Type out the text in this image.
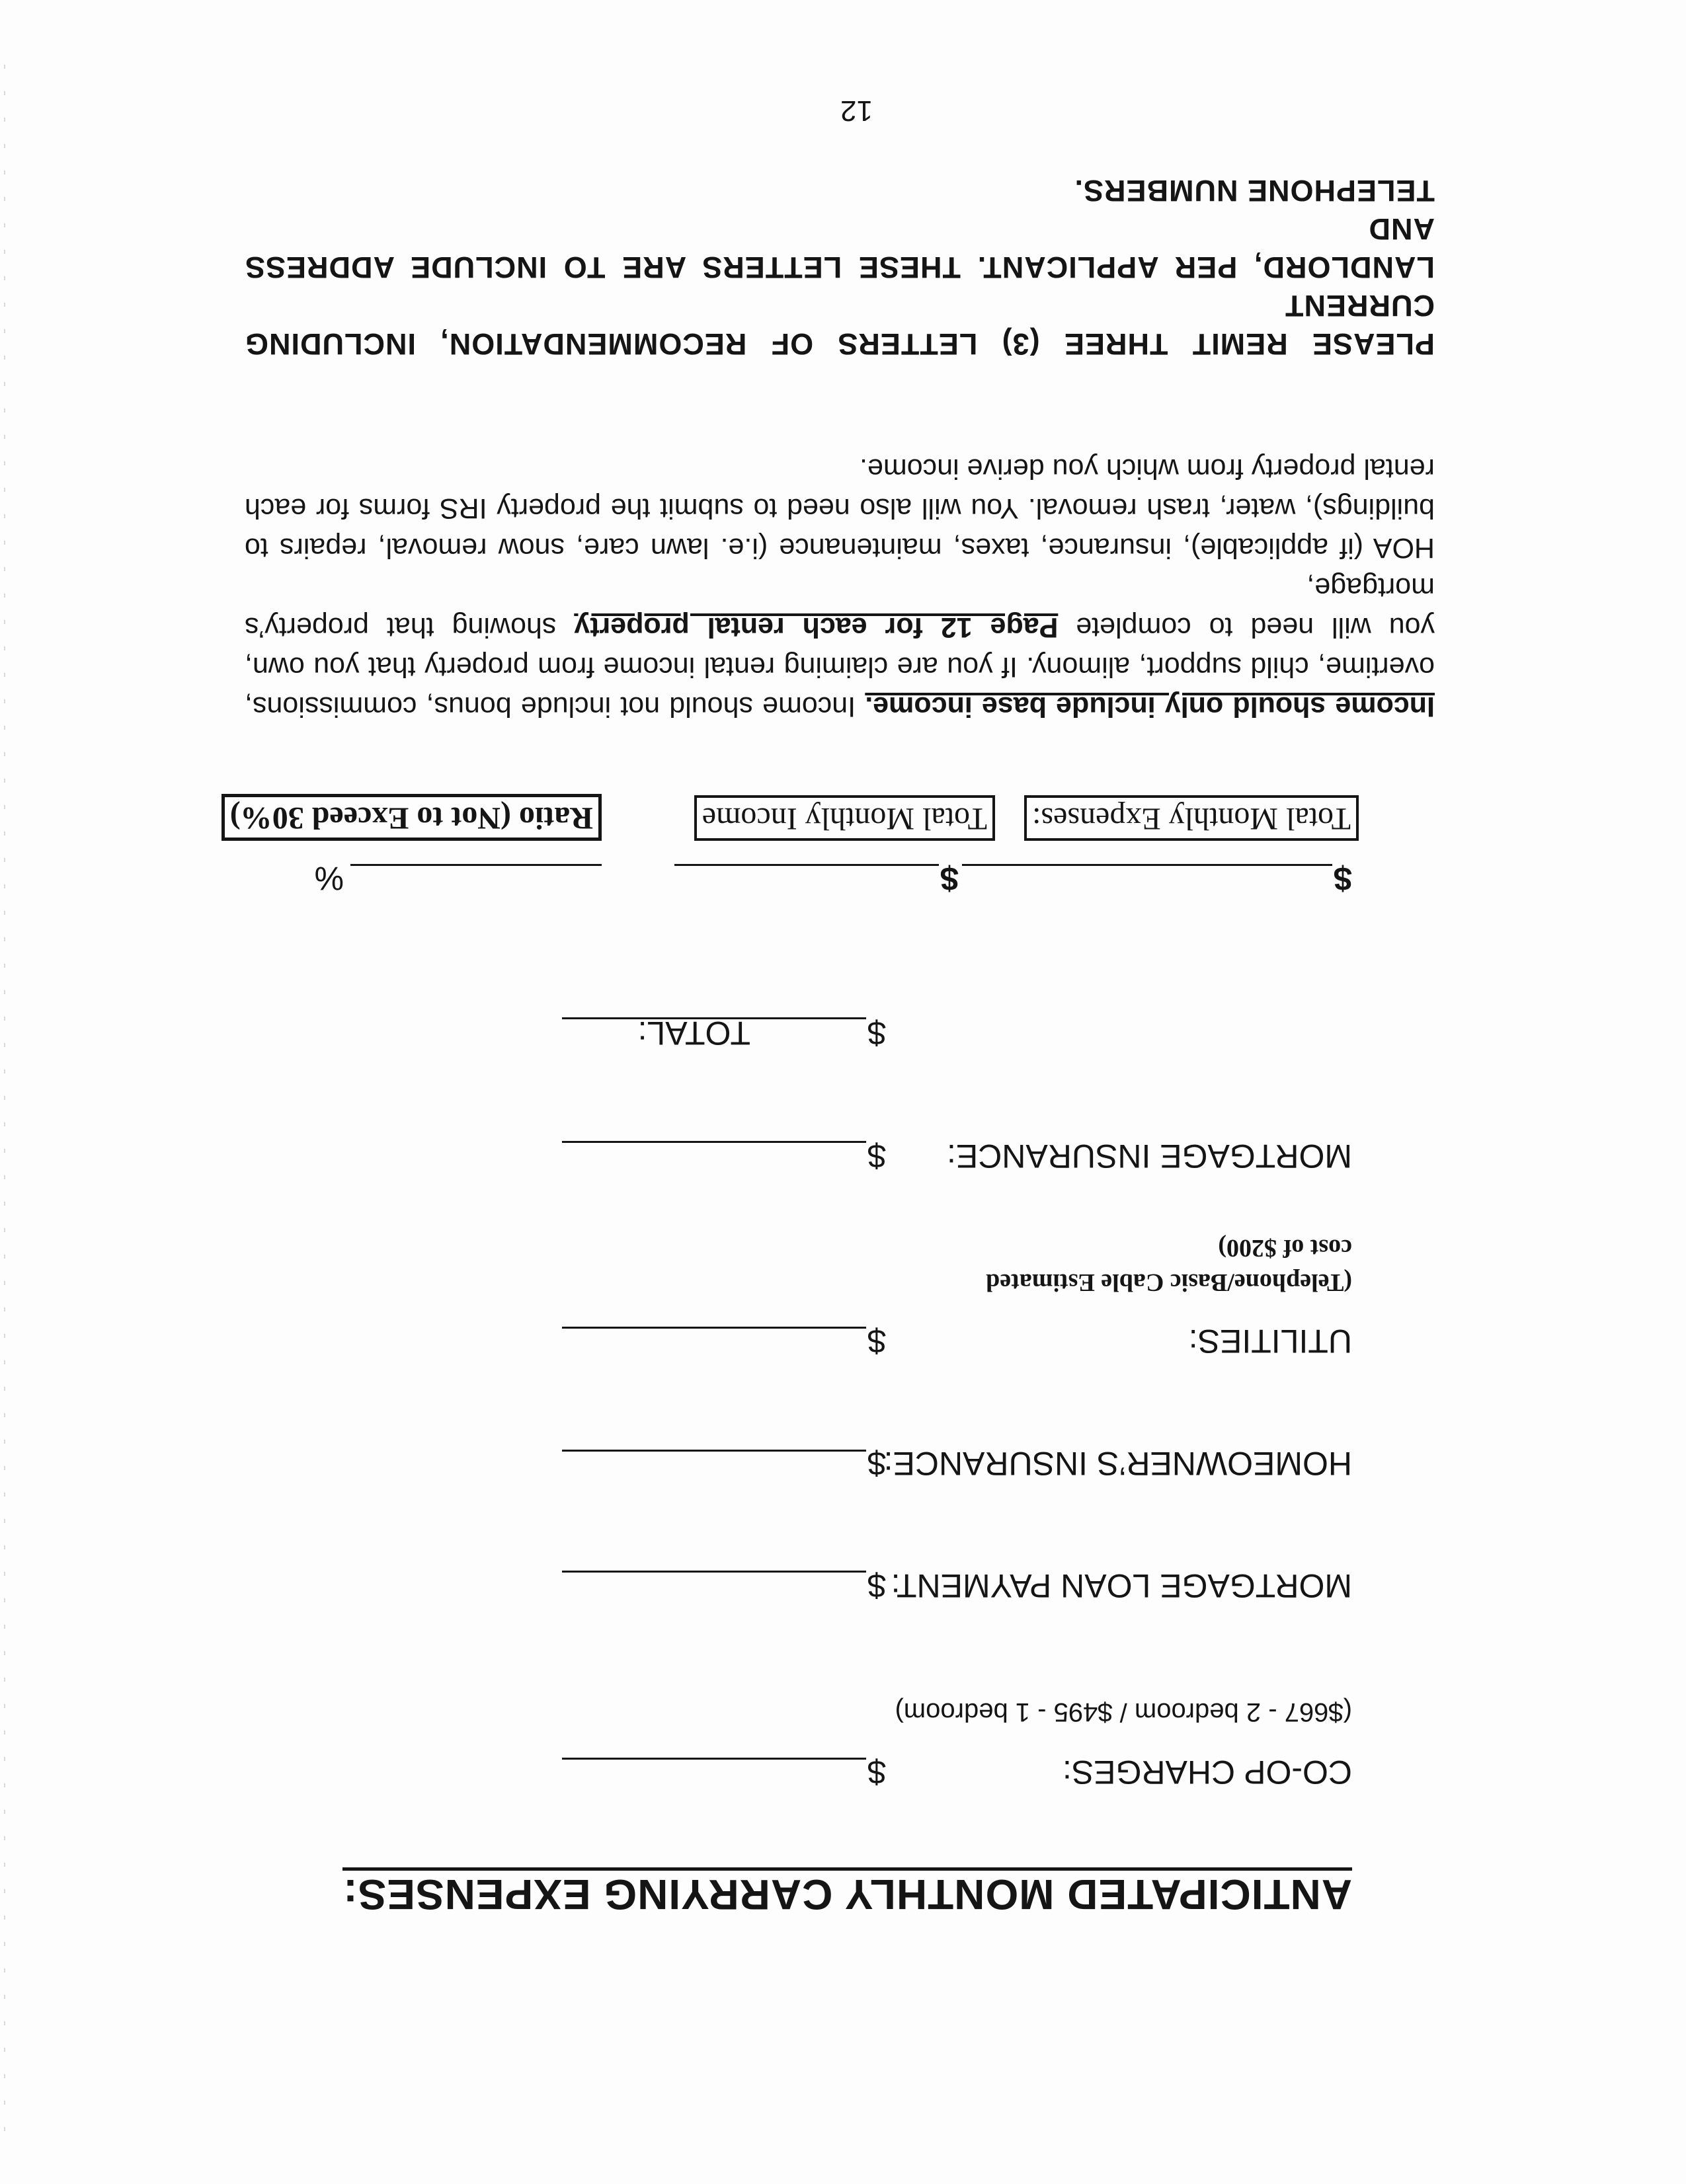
ANTICIPATED MONTHLY CARRYING EXPENSES:
CO-OP CHARGES:
$
($667 - 2 bedroom / $495 - 1 bedroom)
MORTGAGE LOAN PAYMENT:
$
HOMEOWNER’S INSURANCE:
$
UTILITIES:
$
(Telephone/Basic Cable Estimated
cost of $200)
MORTGAGE INSURANCE:
$
TOTAL:	$
$
Total Monthly Expenses:
$
Total Monthly Income
%
Ratio (Not to Exceed 30%)
Income should only include base income. Income should not include bonus, commissions,
overtime, child support, alimony. If you are claiming rental income from property that you own,
you will need to complete Page 12 for each rental property showing that property’s mortgage,
HOA (if applicable), insurance, taxes, maintenance (i.e. lawn care, snow removal, repairs to
buildings), water, trash removal. You will also need to submit the property IRS forms for each
rental property from which you derive income.
PLEASE REMIT THREE (3) LETTERS OF RECOMMENDATION, INCLUDING CURRENT
LANDLORD, PER APPLICANT. THESE LETTERS ARE TO INCLUDE ADDRESS AND
TELEPHONE NUMBERS.
12
